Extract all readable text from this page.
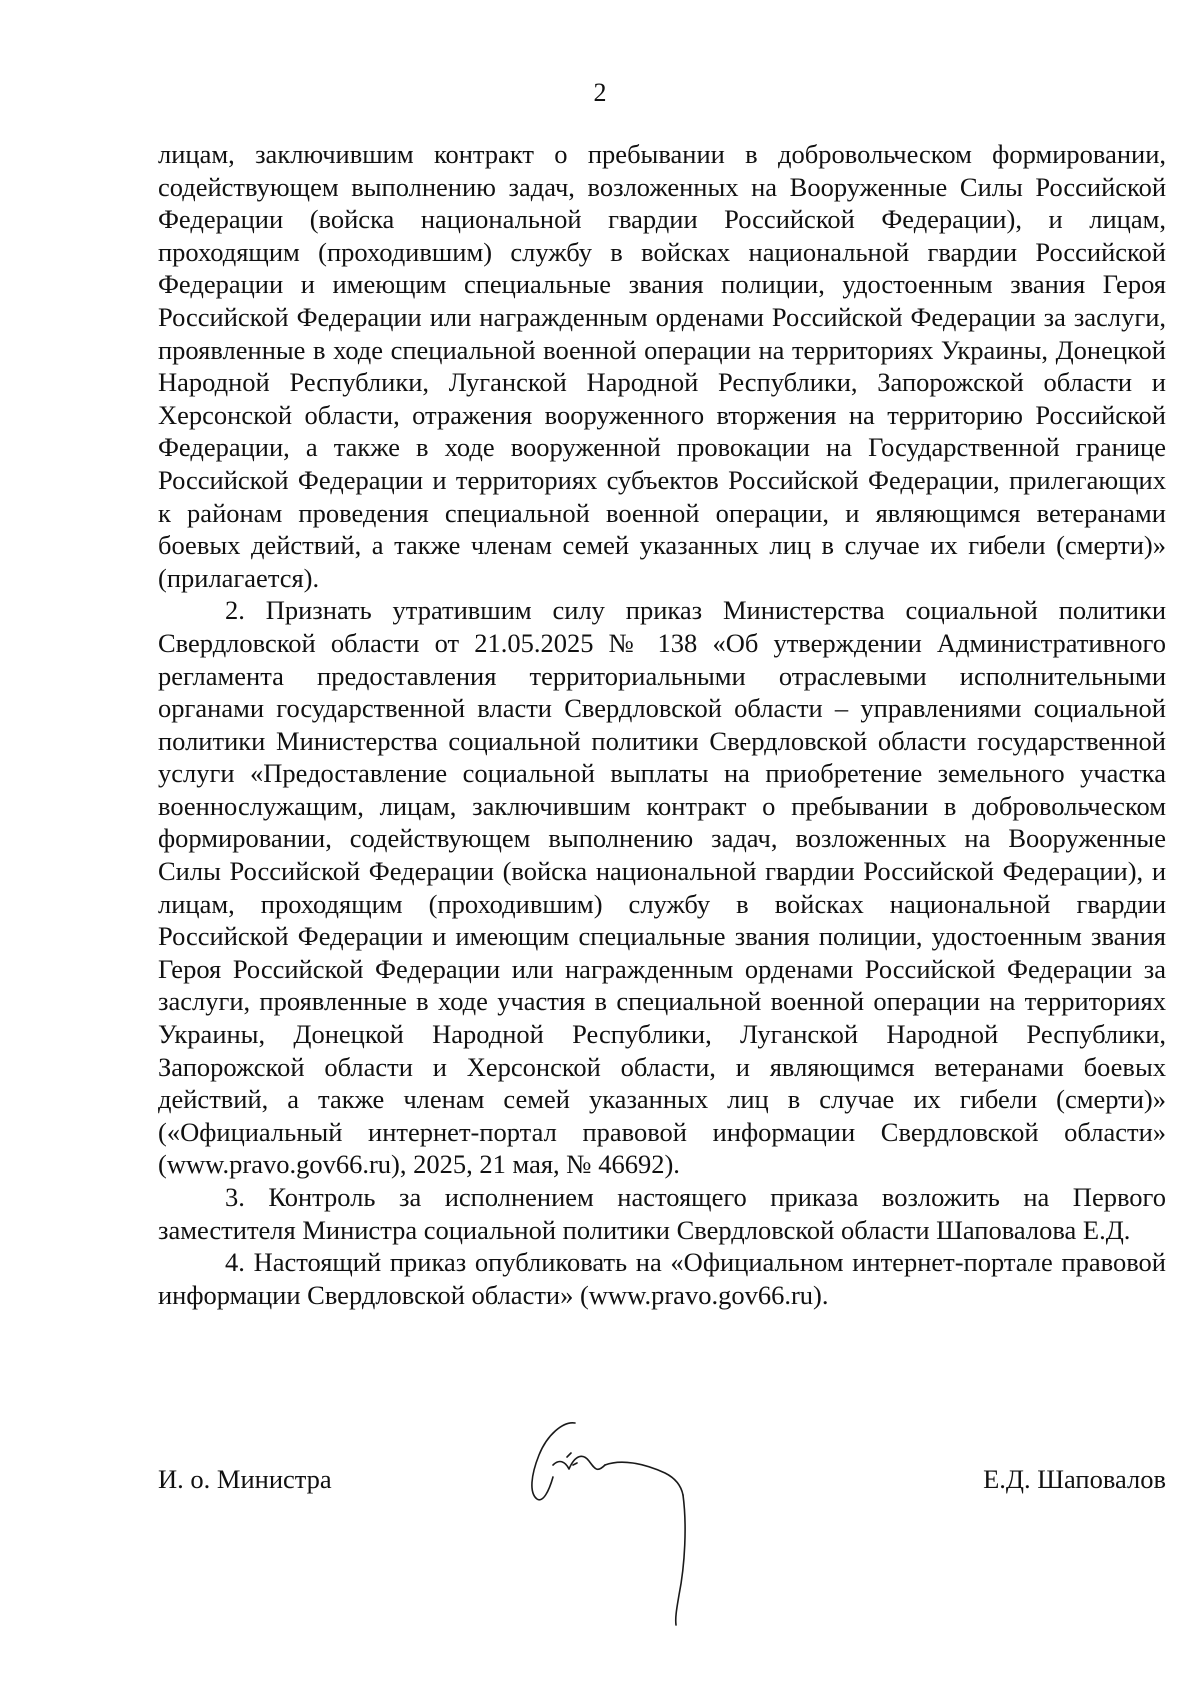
2

лицам, заключившим контракт о пребывании в добровольческом формировании, содействующем выполнению задач, возложенных на Вооруженные Силы Российской Федерации (войска национальной гвардии Российской Федерации), и лицам, проходящим (проходившим) службу в войсках национальной гвардии Российской Федерации и имеющим специальные звания полиции, удостоенным звания Героя Российской Федерации или награжденным орденами Российской Федерации за заслуги, проявленные в ходе специальной военной операции на территориях Украины, Донецкой Народной Республики, Луганской Народной Республики, Запорожской области и Херсонской области, отражения вооруженного вторжения на территорию Российской Федерации, а также в ходе вооруженной провокации на Государственной границе Российской Федерации и территориях субъектов Российской Федерации, прилегающих к районам проведения специальной военной операции, и являющимся ветеранами боевых действий, а также членам семей указанных лиц в случае их гибели (смерти)» (прилагается).

2. Признать утратившим силу приказ Министерства социальной политики Свердловской области от 21.05.2025 № 138 «Об утверждении Административного регламента предоставления территориальными отраслевыми исполнительными органами государственной власти Свердловской области – управлениями социальной политики Министерства социальной политики Свердловской области государственной услуги «Предоставление социальной выплаты на приобретение земельного участка военнослужащим, лицам, заключившим контракт о пребывании в добровольческом формировании, содействующем выполнению задач, возложенных на Вооруженные Силы Российской Федерации (войска национальной гвардии Российской Федерации), и лицам, проходящим (проходившим) службу в войсках национальной гвардии Российской Федерации и имеющим специальные звания полиции, удостоенным звания Героя Российской Федерации или награжденным орденами Российской Федерации за заслуги, проявленные в ходе участия в специальной военной операции на территориях Украины, Донецкой Народной Республики, Луганской Народной Республики, Запорожской области и Херсонской области, и являющимся ветеранами боевых действий, а также членам семей указанных лиц в случае их гибели (смерти)» («Официальный интернет-портал правовой информации Свердловской области» (www.pravo.gov66.ru), 2025, 21 мая, № 46692).

3. Контроль за исполнением настоящего приказа возложить на Первого заместителя Министра социальной политики Свердловской области Шаповалова Е.Д.

4. Настоящий приказ опубликовать на «Официальном интернет-портале правовой информации Свердловской области» (www.pravo.gov66.ru).

И. о. Министра	Е.Д. Шаповалов
